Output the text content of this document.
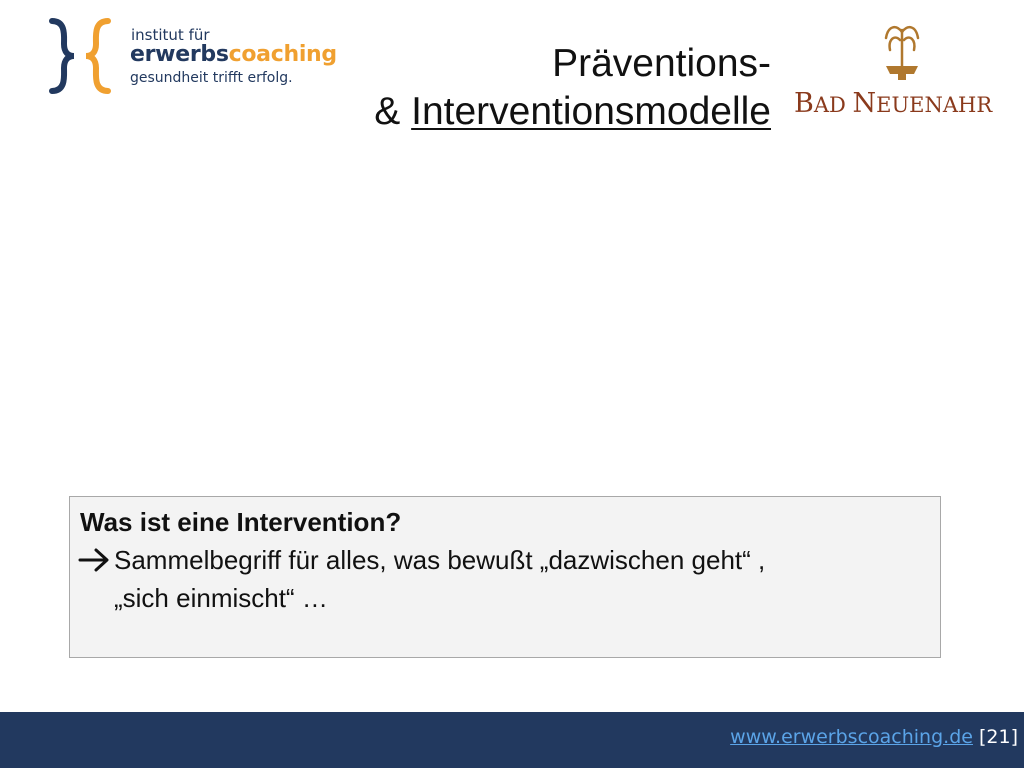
institut für
erwerbscoaching
gesundheit trifft erfolg.	Präventions-
& Interventionsmodelle BAD NEUENAHR
Was ist eine Intervention?
Sammelbegriff für alles, was bewußt „dazwischen geht“ ,
„sich einmischt“ …
www.erwerbscoaching.de [21]
